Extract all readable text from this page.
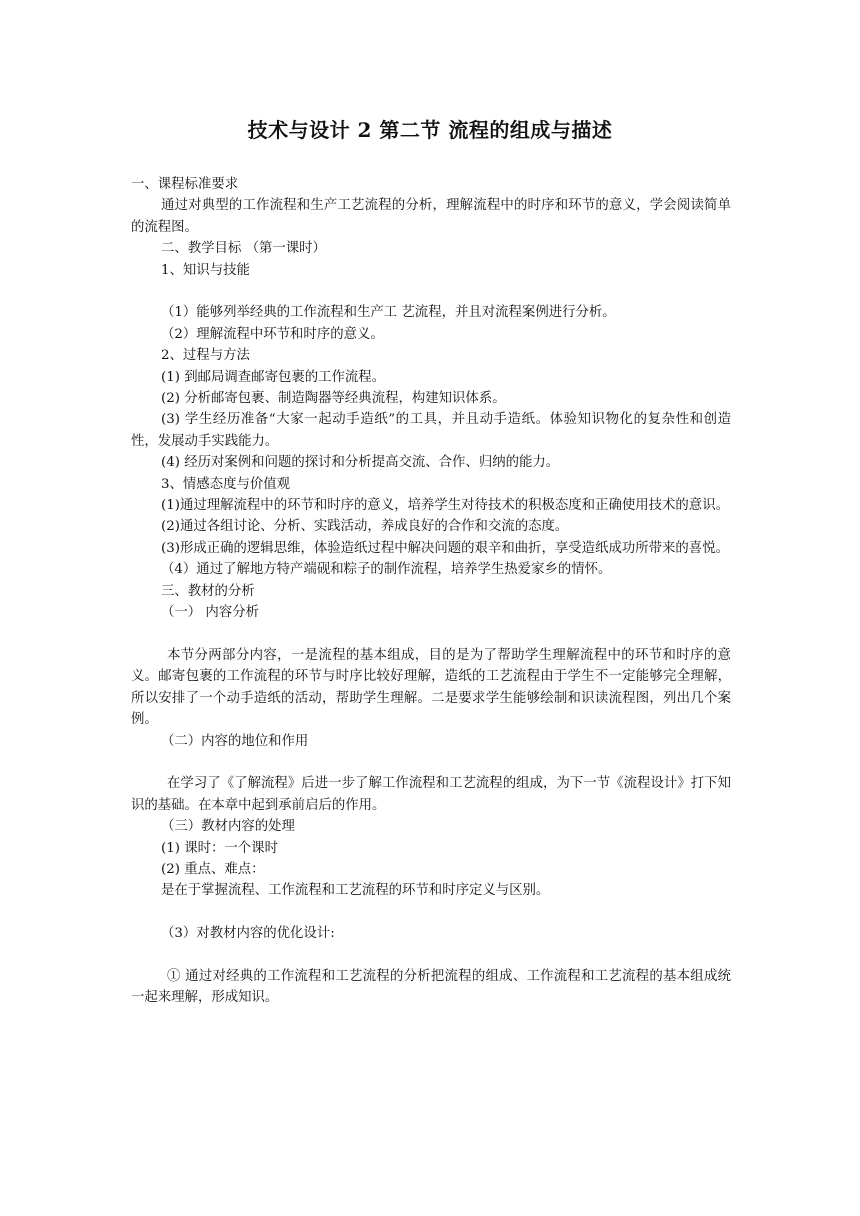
技术与设计 2 第二节 流程的组成与描述

一、课程标准要求

通过对典型的工作流程和生产工艺流程的分析，理解流程中的时序和环节的意义，学会阅读简单的流程图。

二、教学目标 （第一课时）

1、知识与技能

（1）能够列举经典的工作流程和生产工 艺流程，并且对流程案例进行分析。

（2）理解流程中环节和时序的意义。

2、过程与方法

(1) 到邮局调查邮寄包裹的工作流程。

(2) 分析邮寄包裹、制造陶器等经典流程，构建知识体系。

(3) 学生经历准备“大家一起动手造纸”的工具，并且动手造纸。体验知识物化的复杂性和创造性，发展动手实践能力。

(4) 经历对案例和问题的探讨和分析提高交流、合作、归纳的能力。

3、情感态度与价值观

(1)通过理解流程中的环节和时序的意义，培养学生对待技术的积极态度和正确使用技术的意识。

(2)通过各组讨论、分析、实践活动，养成良好的合作和交流的态度。

(3)形成正确的逻辑思维，体验造纸过程中解决问题的艰辛和曲折，享受造纸成功所带来的喜悦。

（4）通过了解地方特产端砚和粽子的制作流程，培养学生热爱家乡的情怀。

三、教材的分析

（一） 内容分析

本节分两部分内容，一是流程的基本组成，目的是为了帮助学生理解流程中的环节和时序的意义。邮寄包裹的工作流程的环节与时序比较好理解，造纸的工艺流程由于学生不一定能够完全理解，所以安排了一个动手造纸的活动，帮助学生理解。二是要求学生能够绘制和识读流程图，列出几个案例。

（二）内容的地位和作用

在学习了《了解流程》后进一步了解工作流程和工艺流程的组成，为下一节《流程设计》打下知识的基础。在本章中起到承前启后的作用。

（三）教材内容的处理

(1) 课时：一个课时

(2) 重点、难点：

是在于掌握流程、工作流程和工艺流程的环节和时序定义与区别。

（3）对教材内容的优化设计:

① 通过对经典的工作流程和工艺流程的分析把流程的组成、工作流程和工艺流程的基本组成统一起来理解，形成知识。
